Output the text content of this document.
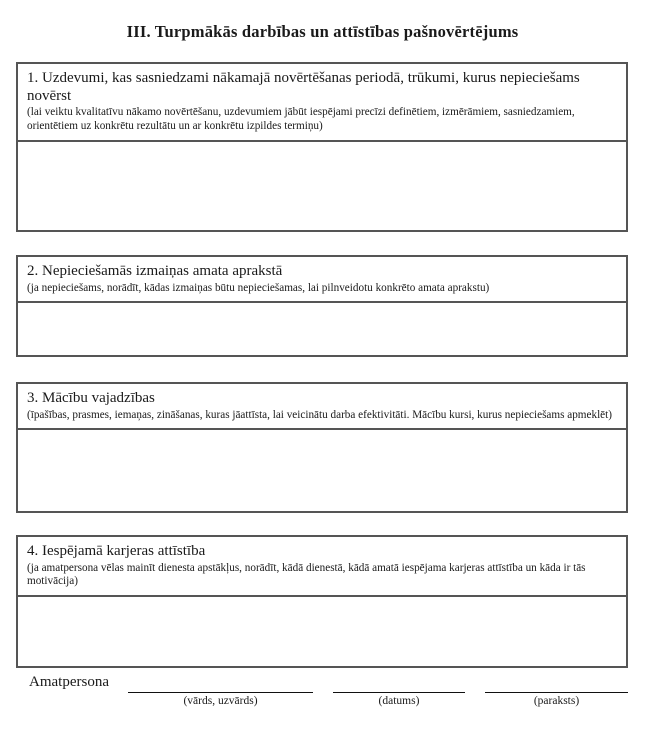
III. Turpmākās darbības un attīstības pašnovērtējums
1. Uzdevumi, kas sasniedzami nākamajā novērtēšanas periodā, trūkumi, kurus nepieciešams novērst
(lai veiktu kvalitatīvu nākamo novērtēšanu, uzdevumiem jābūt iespējami precīzi definētiem, izmērāmiem, sasniedzamiem, orientētiem uz konkrētu rezultātu un ar konkrētu izpildes termiņu)
2. Nepieciešamās izmaiņas amata aprakstā
(ja nepieciešams, norādīt, kādas izmaiņas būtu nepieciešamas, lai pilnveidotu konkrēto amata aprakstu)
3. Mācību vajadzības
(īpašības, prasmes, iemaņas, zināšanas, kuras jāattīsta, lai veicinātu darba efektivitāti. Mācību kursi, kurus nepieciešams apmeklēt)
4. Iespējamā karjeras attīstība
(ja amatpersona vēlas mainīt dienesta apstākļus, norādīt, kādā dienestā, kādā amatā iespējama karjeras attīstība un kāda ir tās motivācija)
Amatpersona
(vārds, uzvārds)	(datums)	(paraksts)
